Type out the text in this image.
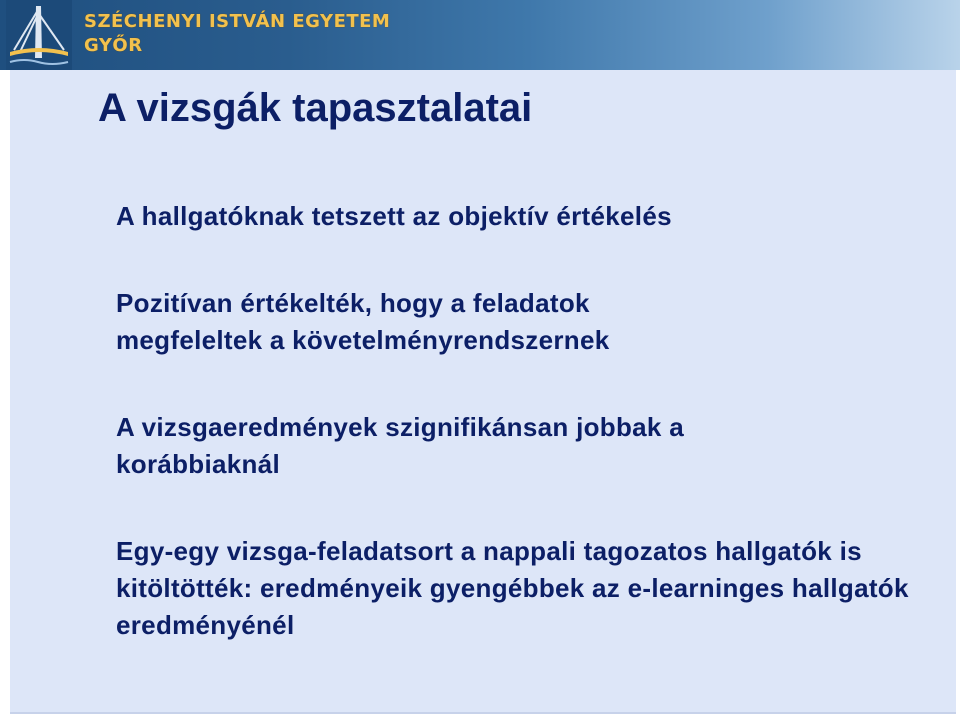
SZÉCHENYI ISTVÁN EGYETEM
GYŐR
A vizsgák tapasztalatai
A hallgatóknak tetszett az objektív értékelés
Pozitívan értékelték, hogy a feladatok megfeleltek a követelményrendszernek
A vizsgaeredmények szignifikánsan jobbak a korábbiaknál
Egy-egy vizsga-feladatsort a nappali tagozatos hallgatók is kitöltötték: eredményeik gyengébbek az e-learninges hallgatók eredményénél
